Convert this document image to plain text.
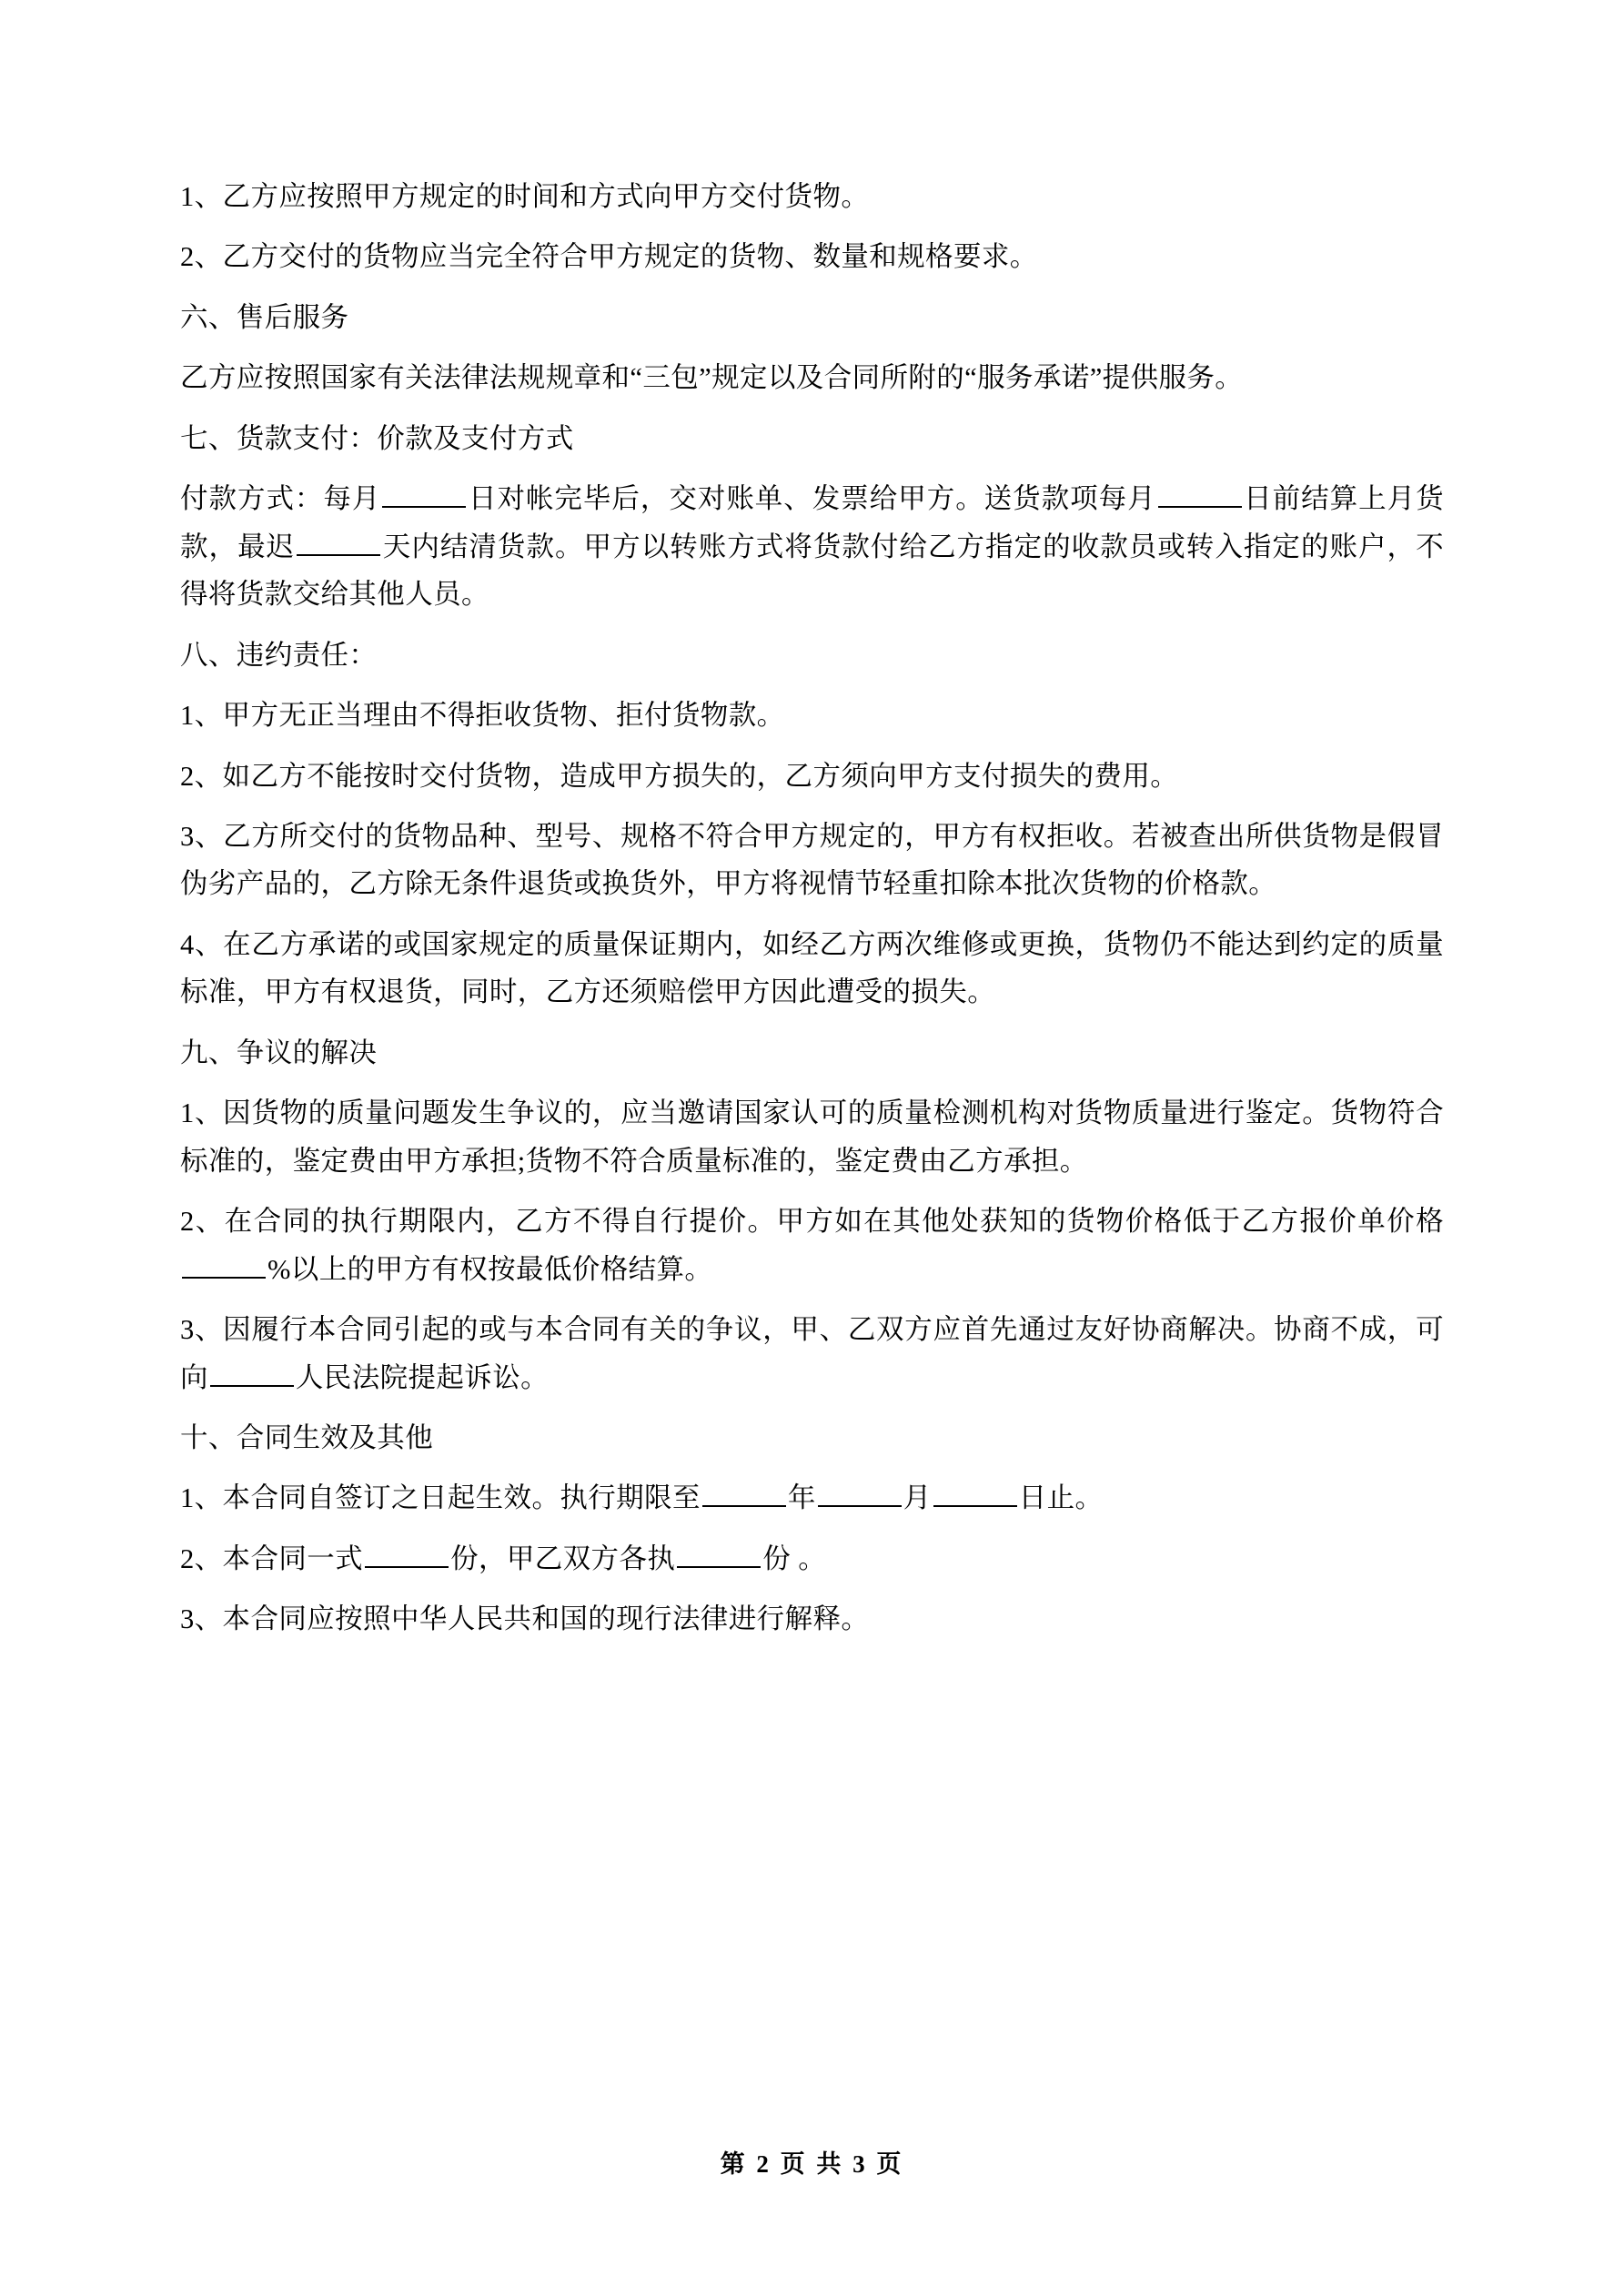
1、乙方应按照甲方规定的时间和方式向甲方交付货物。

2、乙方交付的货物应当完全符合甲方规定的货物、数量和规格要求。

六、售后服务

乙方应按照国家有关法律法规规章和“三包”规定以及合同所附的“服务承诺”提供服务。

七、货款支付：价款及支付方式

付款方式：每月	日对帐完毕后，交对账单、发票给甲方。送货款项每月	日前结算上月货款，最迟	天内结清货款。甲方以转账方式将货款付给乙方指定的收款员或转入指定的账户，不得将货款交给其他人员。

八、违约责任：

1、甲方无正当理由不得拒收货物、拒付货物款。

2、如乙方不能按时交付货物，造成甲方损失的，乙方须向甲方支付损失的费用。

3、乙方所交付的货物品种、型号、规格不符合甲方规定的，甲方有权拒收。若被查出所供货物是假冒伪劣产品的，乙方除无条件退货或换货外，甲方将视情节轻重扣除本批次货物的价格款。

4、在乙方承诺的或国家规定的质量保证期内，如经乙方两次维修或更换，货物仍不能达到约定的质量标准，甲方有权退货，同时，乙方还须赔偿甲方因此遭受的损失。

九、争议的解决

1、因货物的质量问题发生争议的，应当邀请国家认可的质量检测机构对货物质量进行鉴定。货物符合标准的，鉴定费由甲方承担;货物不符合质量标准的，鉴定费由乙方承担。

2、在合同的执行期限内，乙方不得自行提价。甲方如在其他处获知的货物价格低于乙方报价单价格%以上的甲方有权按最低价格结算。

3、因履行本合同引起的或与本合同有关的争议，甲、乙双方应首先通过友好协商解决。协商不成，可向	人民法院提起诉讼。

十、合同生效及其他

1、本合同自签订之日起生效。执行期限至	年	月	日止。

2、本合同一式	份，甲乙双方各执	份 。

3、本合同应按照中华人民共和国的现行法律进行解释。

第 2 页 共 3 页
